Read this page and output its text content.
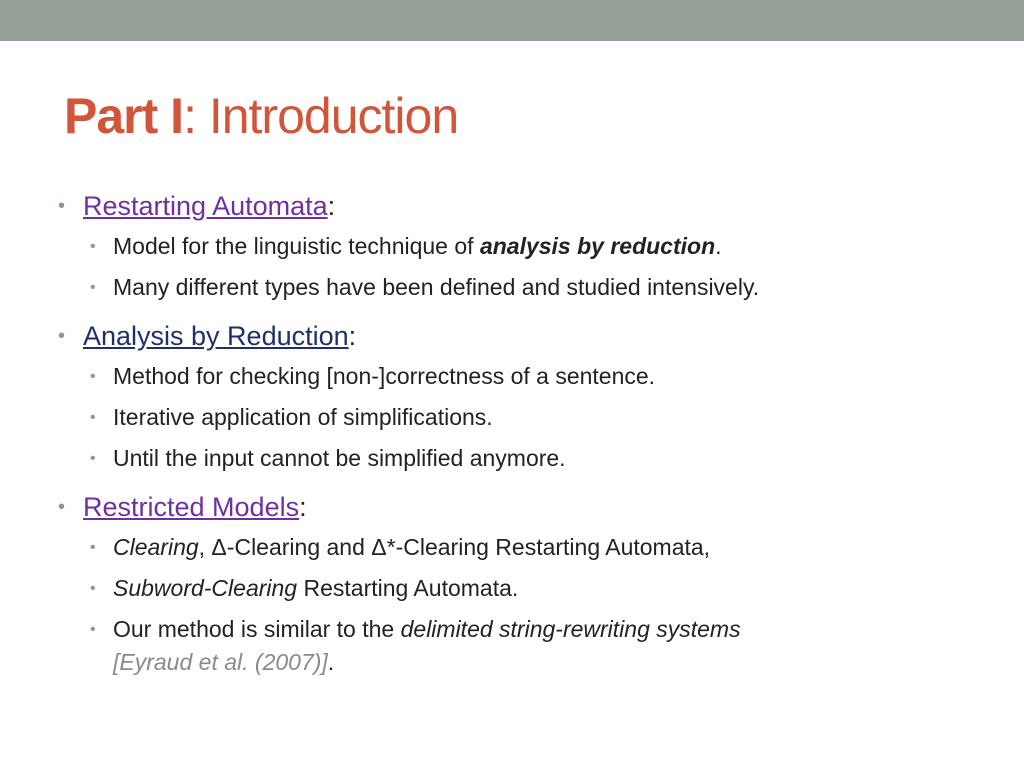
Part I: Introduction
• Restarting Automata:
• Model for the linguistic technique of analysis by reduction.
• Many different types have been defined and studied intensively.
• Analysis by Reduction:
• Method for checking [non-]correctness of a sentence.
• Iterative application of simplifications.
• Until the input cannot be simplified anymore.
• Restricted Models:
• Clearing, Δ-Clearing and Δ*-Clearing Restarting Automata,
• Subword-Clearing Restarting Automata.
• Our method is similar to the delimited string-rewriting systems
[Eyraud et al. (2007)].
